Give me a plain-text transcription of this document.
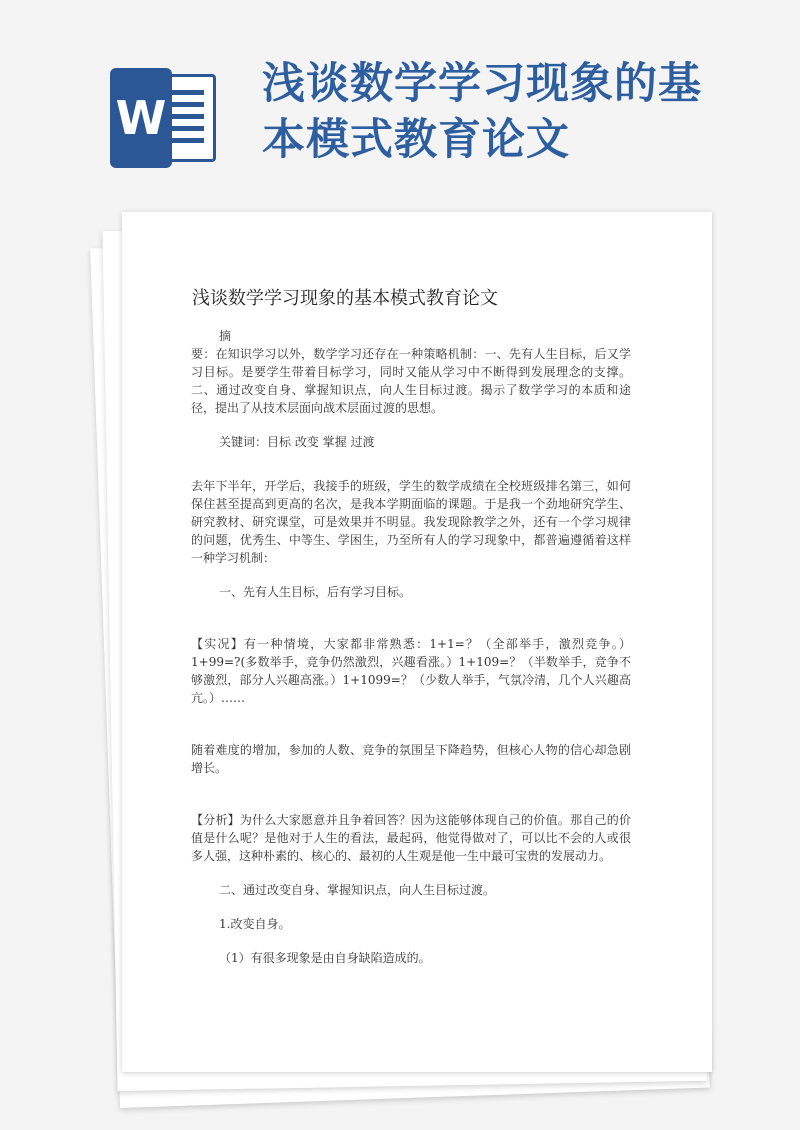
W
浅谈数学学习现象的基本模式教育论文
浅谈数学学习现象的基本模式教育论文

摘

要：在知识学习以外，数学学习还存在一种策略机制：一、先有人生目标，后又学习目标。是要学生带着目标学习，同时又能从学习中不断得到发展理念的支撑。二、通过改变自身、掌握知识点，向人生目标过渡。揭示了数学学习的本质和途径，提出了从技术层面向战术层面过渡的思想。

关键词：目标 改变 掌握 过渡

去年下半年，开学后，我接手的班级，学生的数学成绩在全校班级排名第三，如何保住甚至提高到更高的名次，是我本学期面临的课题。于是我一个劲地研究学生、研究教材、研究课堂，可是效果并不明显。我发现除教学之外，还有一个学习规律的问题，优秀生、中等生、学困生，乃至所有人的学习现象中，都普遍遵循着这样一种学习机制：

一、先有人生目标，后有学习目标。

【实况】有一种情境，大家都非常熟悉：1+1=？（全部举手，激烈竞争。）1+99=?(多数举手，竞争仍然激烈，兴趣看涨。）1+109=？（半数举手，竞争不够激烈，部分人兴趣高涨。）1+1099=？（少数人举手，气氛冷清，几个人兴趣高亢。）……

随着难度的增加，参加的人数、竞争的氛围呈下降趋势，但核心人物的信心却急剧增长。

【分析】为什么大家愿意并且争着回答？因为这能够体现自己的价值。那自己的价值是什么呢？是他对于人生的看法，最起码，他觉得做对了，可以比不会的人或很多人强，这种朴素的、核心的、最初的人生观是他一生中最可宝贵的发展动力。

二、通过改变自身、掌握知识点，向人生目标过渡。

1.改变自身。

（1）有很多现象是由自身缺陷造成的。
